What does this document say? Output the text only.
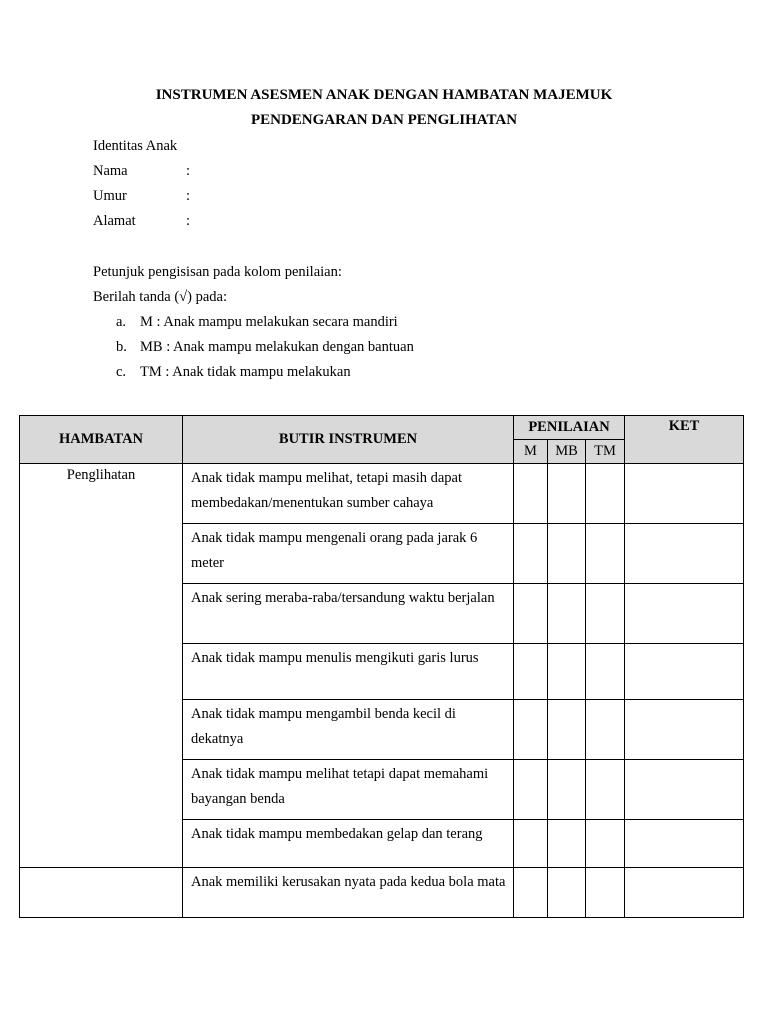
INSTRUMEN ASESMEN ANAK DENGAN HAMBATAN MAJEMUK
PENDENGARAN DAN PENGLIHATAN
Identitas Anak
Nama	:
Umur	:
Alamat	:
Petunjuk pengisisan pada kolom penilaian:
Berilah tanda (√) pada:
a. M : Anak mampu melakukan secara mandiri
b. MB : Anak mampu melakukan dengan bantuan
c. TM : Anak tidak mampu melakukan
HAMBATAN	BUTIR INSTRUMEN	PENILAIAN			KET
		M	MB	TM	
Penglihatan	Anak tidak mampu melihat, tetapi masih dapat membedakan/menentukan sumber cahaya				
	Anak tidak mampu mengenali orang pada jarak 6 meter				
	Anak sering meraba-raba/tersandung waktu berjalan				
	Anak tidak mampu menulis mengikuti garis lurus				
	Anak tidak mampu mengambil benda kecil di dekatnya				
	Anak tidak mampu melihat tetapi dapat memahami bayangan benda				
	Anak tidak mampu membedakan gelap dan terang				
	Anak memiliki kerusakan nyata pada kedua bola mata				
